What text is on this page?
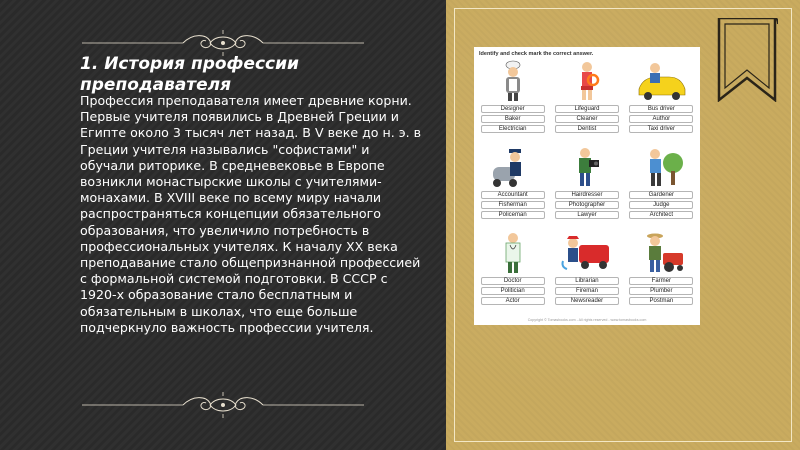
1. История профессии преподавателя

Профессия преподавателя имеет древние корни. Первые учителя появились в Древней Греции и Египте около 3 тысяч лет назад. В V веке до н. э. в Греции учителя назывались "софистами" и обучали риторике. В средневековье в Европе возникли монастырские школы с учителями-монахами. В XVIII веке по всему миру начали распространяться концепции обязательного образования, что увеличило потребность в профессиональных учителях. К началу XX века преподавание стало общепризнанной профессией с формальной системой подготовки. В СССР с 1920-х образование стало бесплатным и обязательным в школах, что еще больше подчеркнуло важность профессии учителя.

Identify and check mark the correct answer.
Designer
Baker
Electrician
Lifeguard
Cleaner
Dentist
Bus driver
Author
Taxi driver
Accountant
Fisherman
Policeman
Hairdresser
Photographer
Lawyer
Gardener
Judge
Architect
Doctor
Politician
Actor
Librarian
Fireman
Newsreader
Farmer
Plumber
Postman
Copyright © Tomasbooks.com - All rights reserved - www.tomasbooks.com
